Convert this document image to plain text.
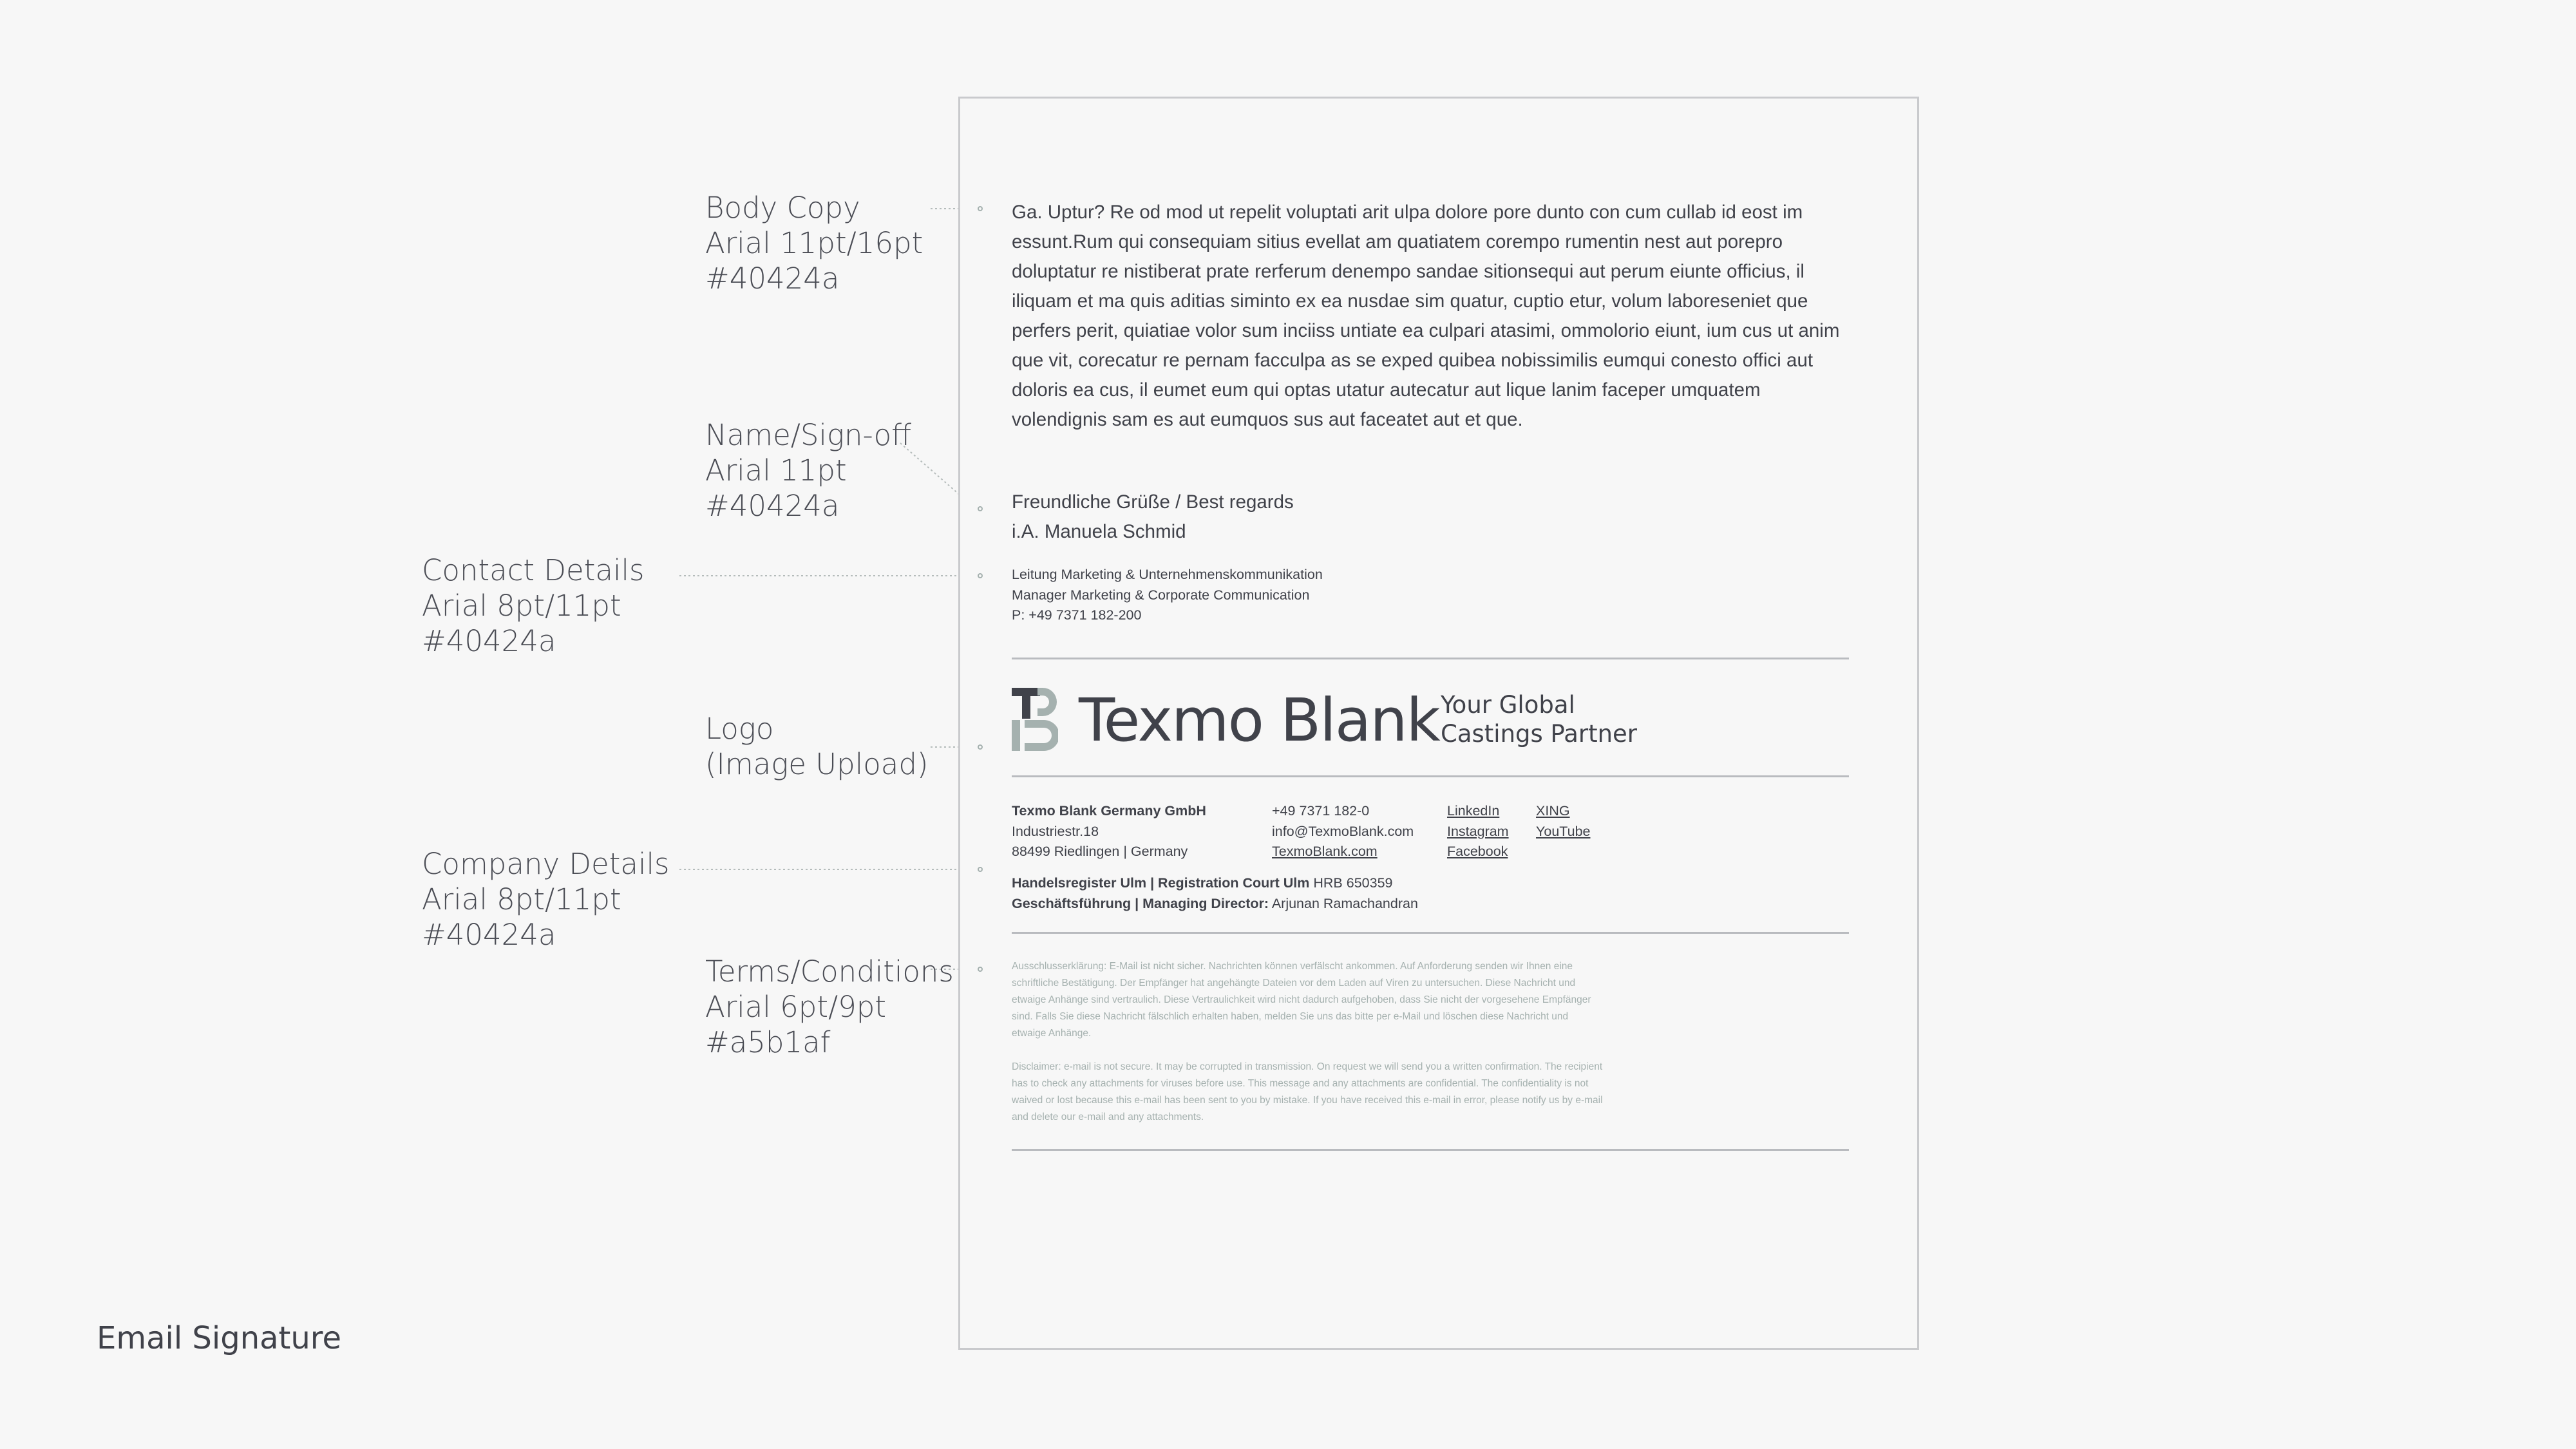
Body Copy
Arial 11pt/16pt
#40424a
Name/Sign-off
Arial 11pt
#40424a
Contact Details
Arial 8pt/11pt
#40424a
Logo
(Image Upload)
Company Details
Arial 8pt/11pt
#40424a
Terms/Conditions
Arial 6pt/9pt
#a5b1af
Email Signature
Ga. Uptur? Re od mod ut repelit voluptati arit ulpa dolore pore dunto con cum cullab id eost im essunt.Rum qui consequiam sitius evellat am quatiatem corempo rumentin nest aut porepro doluptatur re nistiberat prate rerferum denempo sandae sitionsequi aut perum eiunte officius, il iliquam et ma quis aditias siminto ex ea nusdae sim quatur, cuptio etur, volum laboreseniet que perfers perit, quiatiae volor sum inciiss untiate ea culpari atasimi, ommolorio eiunt, ium cus ut anim que vit, corecatur re pernam facculpa as se exped quibea nobissimilis eumqui conesto offici aut doloris ea cus, il eumet eum qui optas utatur autecatur aut lique lanim faceper umquatem volendignis sam es aut eumquos sus aut faceatet aut et que.
Freundliche Grüße / Best regards
i.A. Manuela Schmid
Leitung Marketing & Unternehmenskommunikation
Manager Marketing & Corporate Communication
P: +49 7371 182-200
Texmo Blank Your Global
Castings Partner
Texmo Blank Germany GmbH
Industriestr.18
88499 Riedlingen | Germany
+49 7371 182-0
info@TexmoBlank.com
TexmoBlank.com
LinkedIn
Instagram
Facebook
XING
YouTube
Handelsregister Ulm | Registration Court Ulm HRB 650359
Geschäftsführung | Managing Director: Arjunan Ramachandran
Ausschlusserklärung: E-Mail ist nicht sicher. Nachrichten können verfälscht ankommen. Auf Anforderung senden wir Ihnen eine schriftliche Bestätigung. Der Empfänger hat angehängte Dateien vor dem Laden auf Viren zu untersuchen. Diese Nachricht und etwaige Anhänge sind vertraulich. Diese Vertraulichkeit wird nicht dadurch aufgehoben, dass Sie nicht der vorgesehene Empfänger sind. Falls Sie diese Nachricht fälschlich erhalten haben, melden Sie uns das bitte per e-Mail und löschen diese Nachricht und etwaige Anhänge.
Disclaimer: e-mail is not secure. It may be corrupted in transmission. On request we will send you a written confirmation. The recipient has to check any attachments for viruses before use. This message and any attachments are confidential. The confidentiality is not waived or lost because this e-mail has been sent to you by mistake. If you have received this e-mail in error, please notify us by e-mail and delete our e-mail and any attachments.
